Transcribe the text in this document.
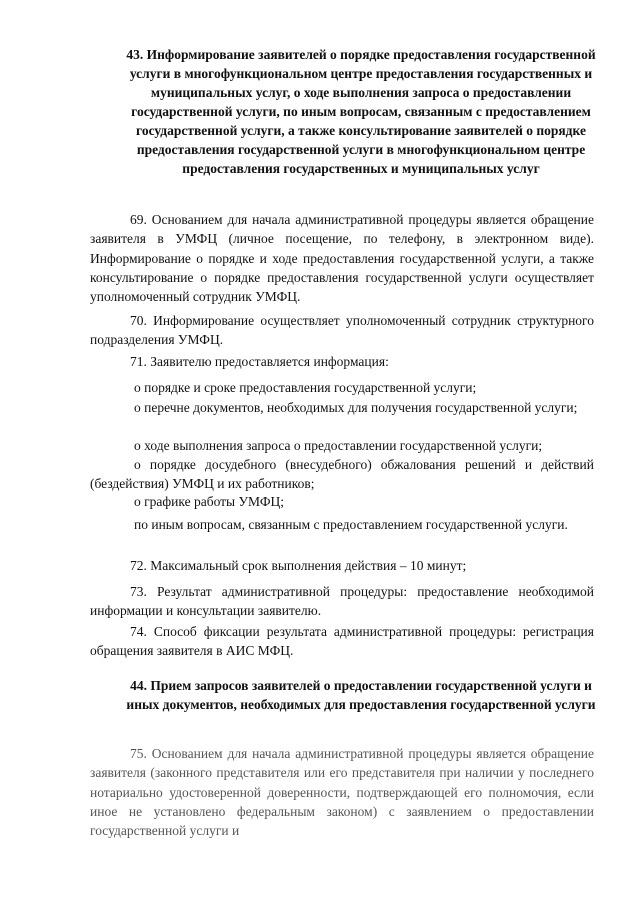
43. Информирование заявителей о порядке предоставления государственной услуги в многофункциональном центре предоставления государственных и муниципальных услуг, о ходе выполнения запроса о предоставлении государственной услуги, по иным вопросам, связанным с предоставлением государственной услуги, а также консультирование заявителей о порядке предоставления государственной услуги в многофункциональном центре предоставления государственных и муниципальных услуг
69. Основанием для начала административной процедуры является обращение заявителя в УМФЦ (личное посещение, по телефону, в электронном виде). Информирование о порядке и ходе предоставления государственной услуги, а также консультирование о порядке предоставления государственной услуги осуществляет уполномоченный сотрудник УМФЦ.
70. Информирование осуществляет уполномоченный сотрудник структурного подразделения УМФЦ.
71. Заявителю предоставляется информация:
о порядке и сроке предоставления государственной услуги;
о перечне документов, необходимых для получения государственной услуги;
о ходе выполнения запроса о предоставлении государственной услуги;
о порядке досудебного (внесудебного) обжалования решений и действий (бездействия) УМФЦ и их работников;
о графике работы УМФЦ;
по иным вопросам, связанным с предоставлением государственной услуги.
72. Максимальный срок выполнения действия – 10 минут;
73. Результат административной процедуры: предоставление необходимой информации и консультации заявителю.
74. Способ фиксации результата административной процедуры: регистрация обращения заявителя в АИС МФЦ.
44. Прием запросов заявителей о предоставлении государственной услуги и иных документов, необходимых для предоставления государственной услуги
75. Основанием для начала административной процедуры является обращение заявителя (законного представителя или его представителя при наличии у последнего нотариально удостоверенной доверенности, подтверждающей его полномочия, если иное не установлено федеральным законом) с заявлением о предоставлении государственной услуги и
